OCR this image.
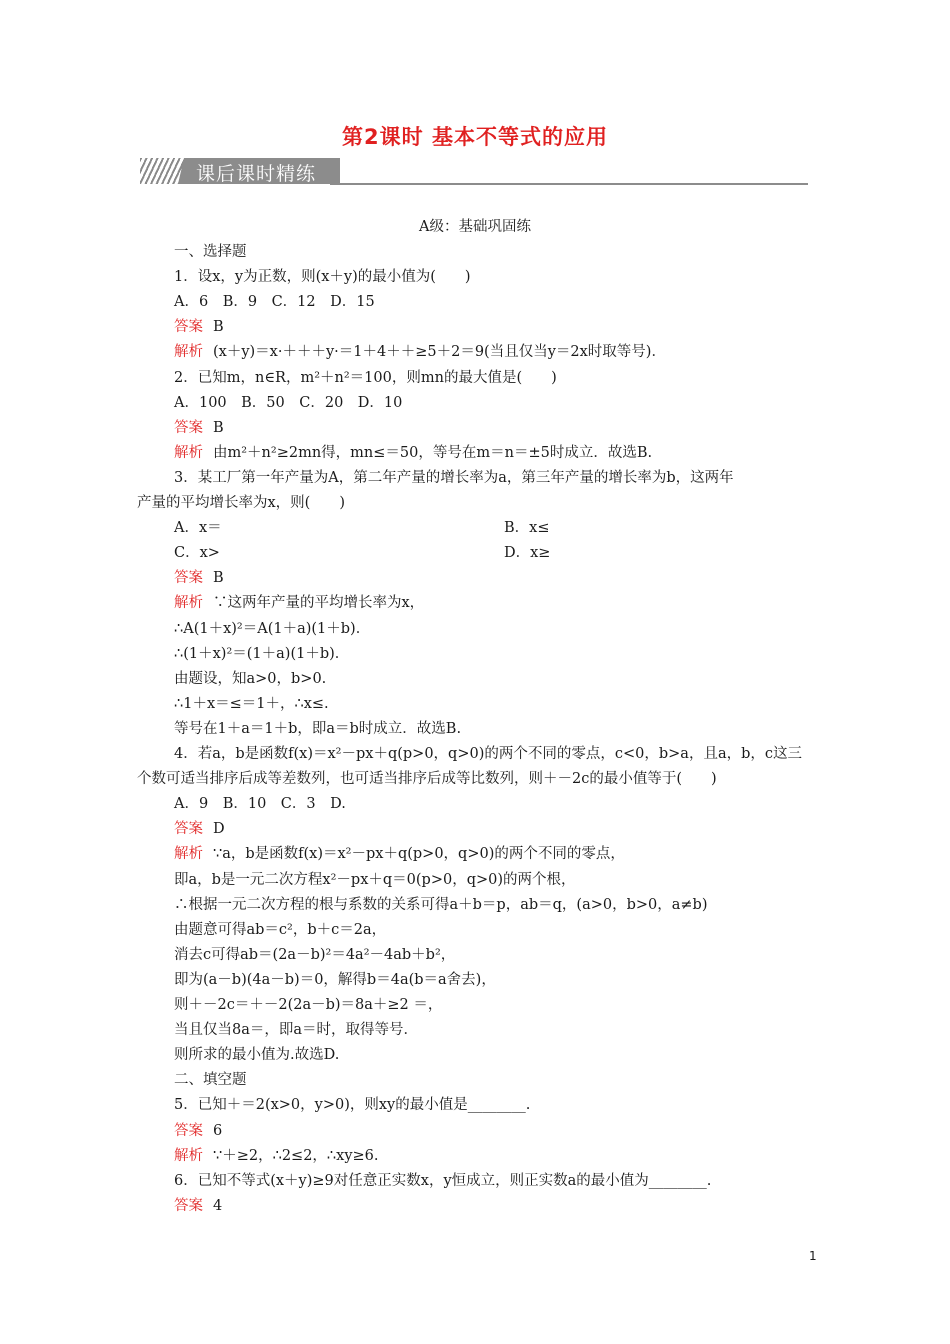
第2课时 基本不等式的应用
课后课时精练
A级：基础巩固练
一、选择题
1．设x，y为正数，则(x＋y)的最小值为(　　)
A．6　B．9　C．12　D．15
答案 B
解析 (x＋y)＝x·＋＋＋y·＝1＋4＋＋≥5＋2＝9(当且仅当y＝2x时取等号)．
2．已知m，n∈R，m²＋n²＝100，则mn的最大值是(　　)
A．100　B．50　C．20　D．10
答案 B
解析 由m²＋n²≥2mn得，mn≤＝50，等号在m＝n＝±5时成立．故选B.
3．某工厂第一年产量为A，第二年产量的增长率为a，第三年产量的增长率为b，这两年
产量的平均增长率为x，则(　　)
A．x＝	B．x≤
C．x>	D．x≥
答案 B
解析 ∵这两年产量的平均增长率为x，
∴A(1＋x)²＝A(1＋a)(1＋b)．
∴(1＋x)²＝(1＋a)(1＋b)．
由题设，知a>0，b>0.
∴1＋x＝≤＝1＋，∴x≤.
等号在1＋a＝1＋b，即a＝b时成立．故选B.
4．若a，b是函数f(x)＝x²－px＋q(p>0，q>0)的两个不同的零点，c<0，b>a，且a，b，c这三
个数可适当排序后成等差数列，也可适当排序后成等比数列，则＋－2c的最小值等于(　　)
A．9　B．10　C．3　D.
答案 D
解析 ∵a，b是函数f(x)＝x²－px＋q(p>0，q>0)的两个不同的零点，
即a，b是一元二次方程x²－px＋q＝0(p>0，q>0)的两个根，
∴根据一元二次方程的根与系数的关系可得a＋b＝p，ab＝q，(a>0，b>0，a≠b)
由题意可得ab＝c²，b＋c＝2a，
消去c可得ab＝(2a－b)²＝4a²－4ab＋b²，
即为(a－b)(4a－b)＝0，解得b＝4a(b＝a舍去)，
则＋－2c＝＋－2(2a－b)＝8a＋≥2 ＝，
当且仅当8a＝，即a＝时，取得等号．
则所求的最小值为.故选D.
二、填空题
5．已知＋＝2(x>0，y>0)，则xy的最小值是________.
答案 6
解析 ∵＋≥2，∴2≤2，∴xy≥6.
6．已知不等式(x＋y)≥9对任意正实数x，y恒成立，则正实数a的最小值为________.
答案 4
1
